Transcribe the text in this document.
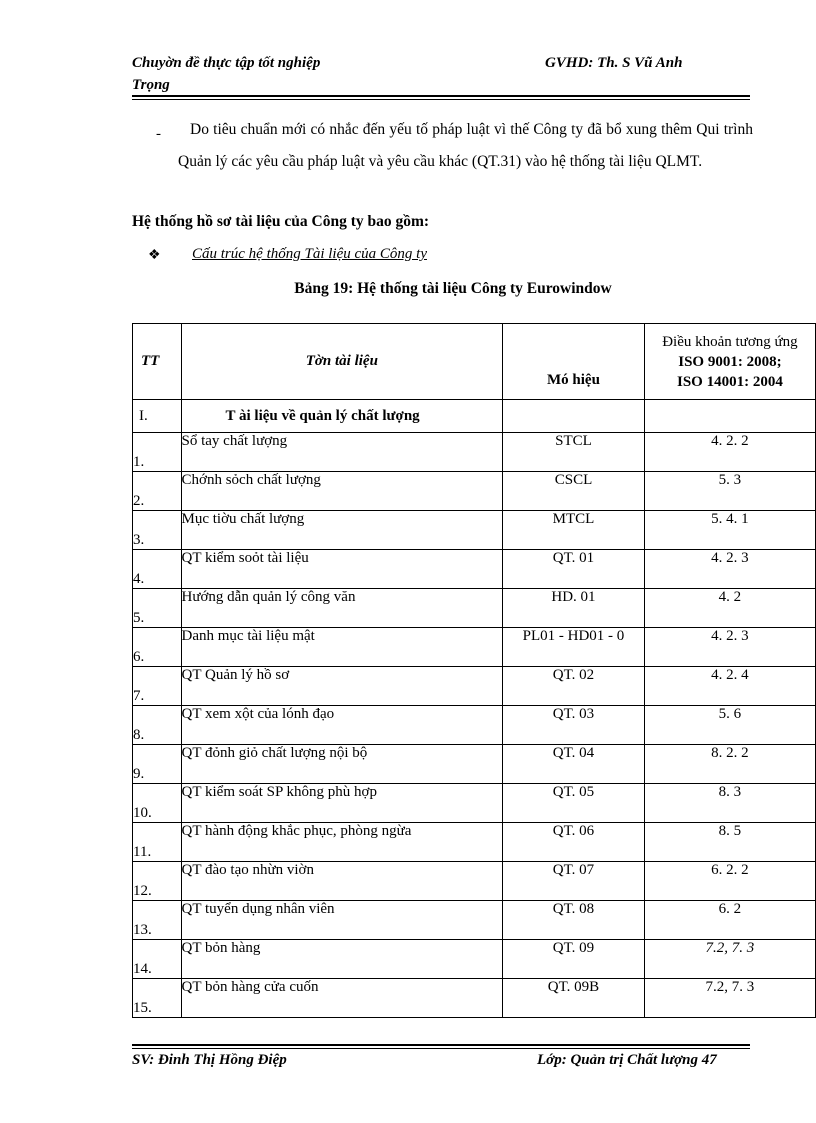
Chuyờn đề thực tập tốt nghiệp
Trọng
GVHD: Th. S Vũ Anh
-	Do tiêu chuẩn mới có nhắc đến yếu tố pháp luật vì thế Công ty đã bổ xung thêm Qui trình Quản lý các yêu cầu pháp luật và yêu cầu khác (QT.31) vào hệ thống tài liệu QLMT.
Hệ thống hồ sơ tài liệu của Công ty bao gồm:
❖ Cấu trúc hệ thống Tài liệu của Công ty
Bảng 19: Hệ thống tài liệu Công ty Eurowindow
TT	Tờn tài liệu	Mó hiệu	Điều khoản tương ứng
ISO 9001: 2008;
ISO 14001: 2004

I.	T ài liệu về quản lý chất lượng		
1.	Sổ tay chất lượng	STCL	4. 2. 2
2.	Chớnh sỏch chất lượng	CSCL	5. 3
3.	Mục tiờu chất lượng	MTCL	5. 4. 1
4.	QT kiểm soỏt tài liệu	QT. 01	4. 2. 3
5.	Hướng dẫn quản lý công văn	HD. 01	4. 2
6.	Danh mục tài liệu mật	PL01 - HD01 - 0	4. 2. 3
7.	QT Quản lý hồ sơ	QT. 02	4. 2. 4
8.	QT xem xột của lónh đạo	QT. 03	5. 6
9.	QT đỏnh giỏ chất lượng nội bộ	QT. 04	8. 2. 2
10.	QT kiểm soát SP không phù hợp	QT. 05	8. 3
11.	QT hành động khắc phục, phòng ngừa	QT. 06	8. 5
12.	QT đào tạo nhừn viờn	QT. 07	6. 2. 2
13.	QT tuyển dụng nhân viên	QT. 08	6. 2
14.	QT bỏn hàng	QT. 09	7.2, 7. 3
15.	QT bỏn hàng cửa cuốn	QT. 09B	7.2, 7. 3
SV: Đinh Thị Hồng Điệp	Lớp: Quản trị Chất lượng 47
